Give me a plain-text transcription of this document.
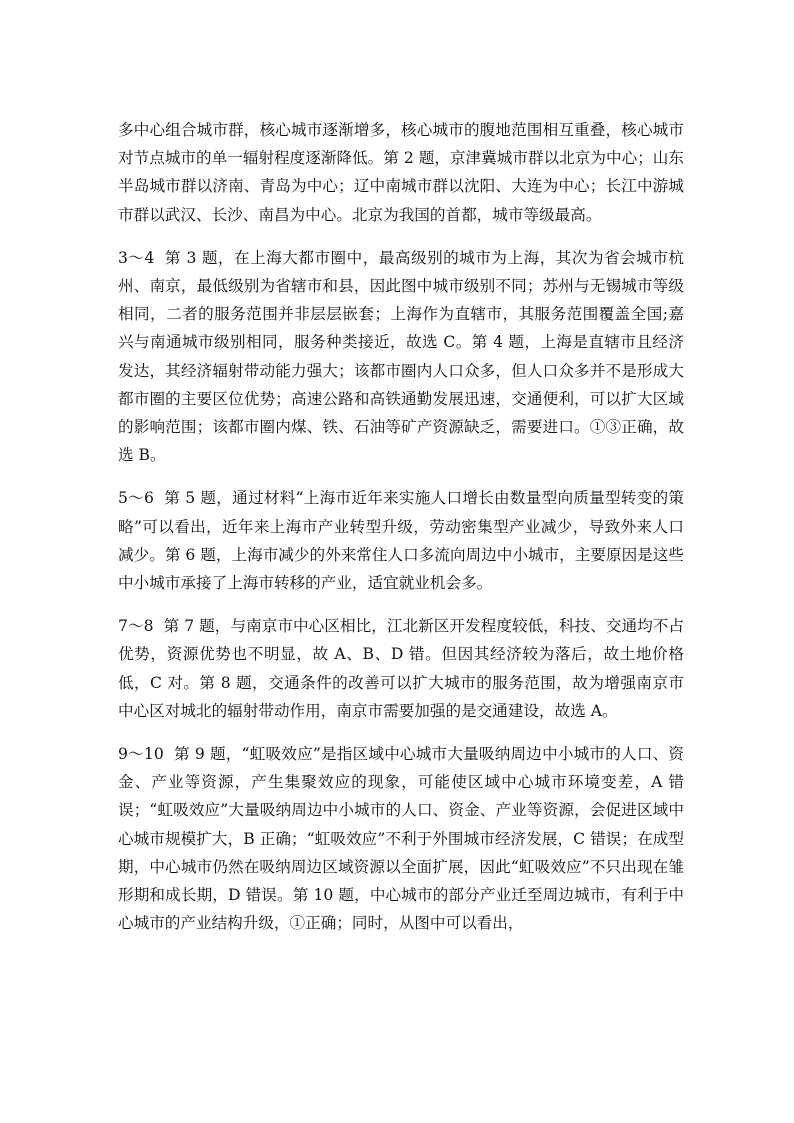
多中心组合城市群，核心城市逐渐增多，核心城市的腹地范围相互重叠，核心城市对节点城市的单一辐射程度逐渐降低。第 2 题，京津冀城市群以北京为中心；山东半岛城市群以济南、青岛为中心；辽中南城市群以沈阳、大连为中心；长江中游城市群以武汉、长沙、南昌为中心。北京为我国的首都，城市等级最高。

3～4 第 3 题，在上海大都市圈中，最高级别的城市为上海，其次为省会城市杭州、南京，最低级别为省辖市和县，因此图中城市级别不同；苏州与无锡城市等级相同，二者的服务范围并非层层嵌套；上海作为直辖市，其服务范围覆盖全国;嘉兴与南通城市级别相同，服务种类接近，故选 C。第 4 题，上海是直辖市且经济发达，其经济辐射带动能力强大；该都市圈内人口众多，但人口众多并不是形成大都市圈的主要区位优势；高速公路和高铁通勤发展迅速，交通便利，可以扩大区域的影响范围；该都市圈内煤、铁、石油等矿产资源缺乏，需要进口。①③正确，故选 B。

5～6 第 5 题，通过材料“上海市近年来实施人口增长由数量型向质量型转变的策略”可以看出，近年来上海市产业转型升级，劳动密集型产业减少，导致外来人口减少。第 6 题，上海市减少的外来常住人口多流向周边中小城市，主要原因是这些中小城市承接了上海市转移的产业，适宜就业机会多。

7～8 第 7 题，与南京市中心区相比，江北新区开发程度较低，科技、交通均不占优势，资源优势也不明显，故 A、B、D 错。但因其经济较为落后，故土地价格低，C 对。第 8 题，交通条件的改善可以扩大城市的服务范围，故为增强南京市中心区对城北的辐射带动作用，南京市需要加强的是交通建设，故选 A。

9～10 第 9 题，“虹吸效应”是指区域中心城市大量吸纳周边中小城市的人口、资金、产业等资源，产生集聚效应的现象，可能使区域中心城市环境变差，A 错误；“虹吸效应”大量吸纳周边中小城市的人口、资金、产业等资源，会促进区域中心城市规模扩大，B 正确；“虹吸效应”不利于外围城市经济发展，C 错误；在成型期，中心城市仍然在吸纳周边区域资源以全面扩展，因此“虹吸效应”不只出现在雏形期和成长期，D 错误。第 10 题，中心城市的部分产业迁至周边城市，有利于中心城市的产业结构升级，①正确；同时，从图中可以看出，
